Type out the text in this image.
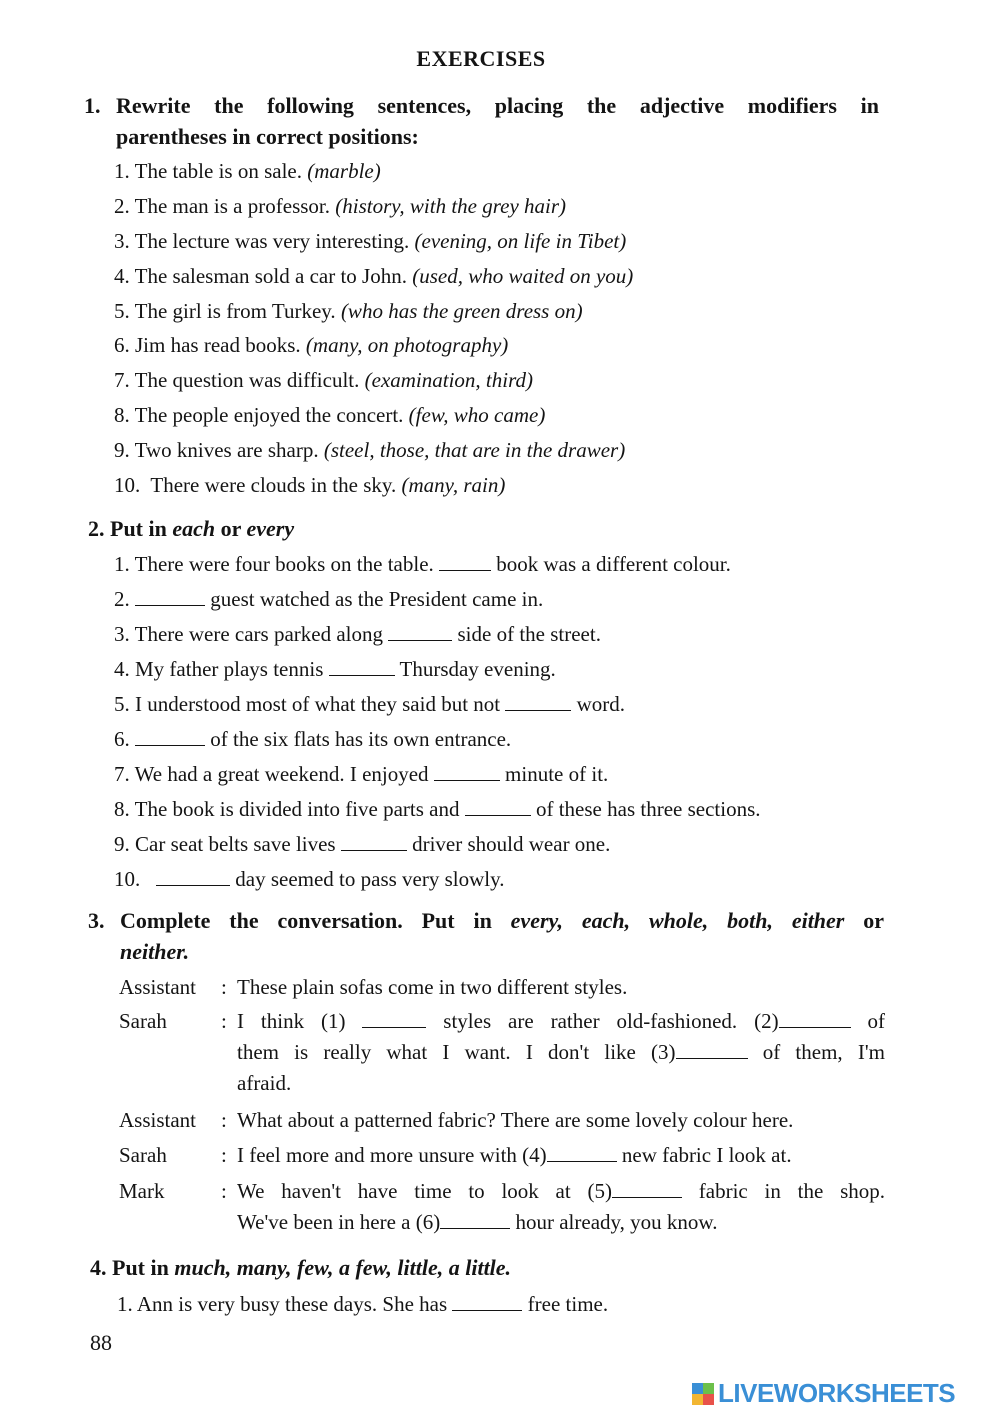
EXERCISES
1. Rewrite the following sentences, placing the adjective modifiers in
parentheses in correct positions:
1. The table is on sale. (marble)
2. The man is a professor. (history, with the grey hair)
3. The lecture was very interesting. (evening, on life in Tibet)
4. The salesman sold a car to John. (used, who waited on you)
5. The girl is from Turkey. (who has the green dress on)
6. Jim has read books. (many, on photography)
7. The question was difficult. (examination, third)
8. The people enjoyed the concert. (few, who came)
9. Two knives are sharp. (steel, those, that are in the drawer)
10. There were clouds in the sky. (many, rain)
2. Put in each or every
1. There were four books on the table.  book was a different colour.
2.	guest watched as the President came in.
3. There were cars parked along	side of the street.
4. My father plays tennis	Thursday evening.
5. I understood most of what they said but not	word.
6.	of the six flats has its own entrance.
7. We had a great weekend. I enjoyed	minute of it.
8. The book is divided into five parts and	of these has three sections.
9. Car seat belts save lives	driver should wear one.
10.	day seemed to pass very slowly.
3. Complete the conversation. Put in every, each, whole, both, either or
neither.
Assistant : These plain sofas come in two different styles.
Sarah	: I think (1)	styles are rather old-fashioned. (2)	of
them is really what I want. I don't like (3)	of them, I'm
afraid.
Assistant : What about a patterned fabric? There are some lovely colour here.
Sarah	: I feel more and more unsure with (4)	new fabric I look at.
Mark	: We haven't have time to look at (5)	fabric in the shop.
We've been in here a (6)	hour already, you know.
4. Put in much, many, few, a few, little, a little.
1. Ann is very busy these days. She has	free time.
88
LIVEWORKSHEETS
